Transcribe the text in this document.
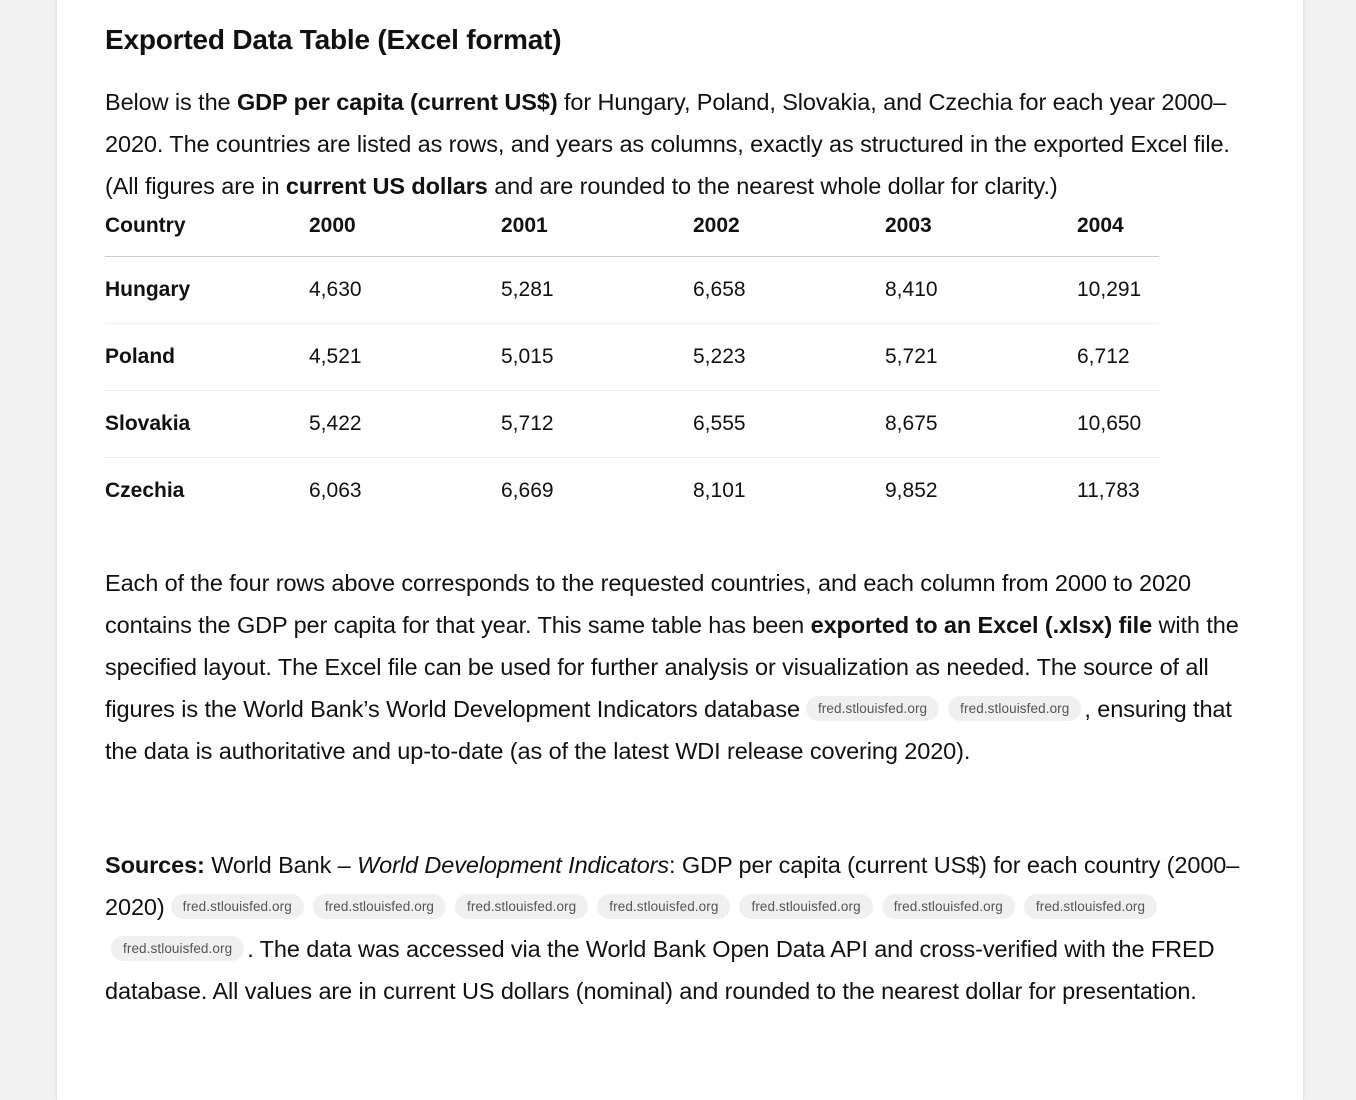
Exported Data Table (Excel format)

Below is the GDP per capita (current US$) for Hungary, Poland, Slovakia, and Czechia for each year 2000–2020. The countries are listed as rows, and years as columns, exactly as structured in the exported Excel file. (All figures are in current US dollars and are rounded to the nearest whole dollar for clarity.)

Country	2000	2001	2002	2003	2004
Hungary	4,630	5,281	6,658	8,410	10,291
Poland	4,521	5,015	5,223	5,721	6,712
Slovakia	5,422	5,712	6,555	8,675	10,650
Czechia	6,063	6,669	8,101	9,852	11,783

Each of the four rows above corresponds to the requested countries, and each column from 2000 to 2020 contains the GDP per capita for that year. This same table has been exported to an Excel (.xlsx) file with the specified layout. The Excel file can be used for further analysis or visualization as needed. The source of all figures is the World Bank’s World Development Indicators database fred.stlouisfed.org fred.stlouisfed.org , ensuring that the data is authoritative and up-to-date (as of the latest WDI release covering 2020).

Sources: World Bank – World Development Indicators: GDP per capita (current US$) for each country (2000–2020) fred.stlouisfed.org fred.stlouisfed.org fred.stlouisfed.org fred.stlouisfed.org fred.stlouisfed.org fred.stlouisfed.org fred.stlouisfed.orgfred.stlouisfed.org . The data was accessed via the World Bank Open Data API and cross-verified with the FRED database. All values are in current US dollars (nominal) and rounded to the nearest dollar for presentation.
